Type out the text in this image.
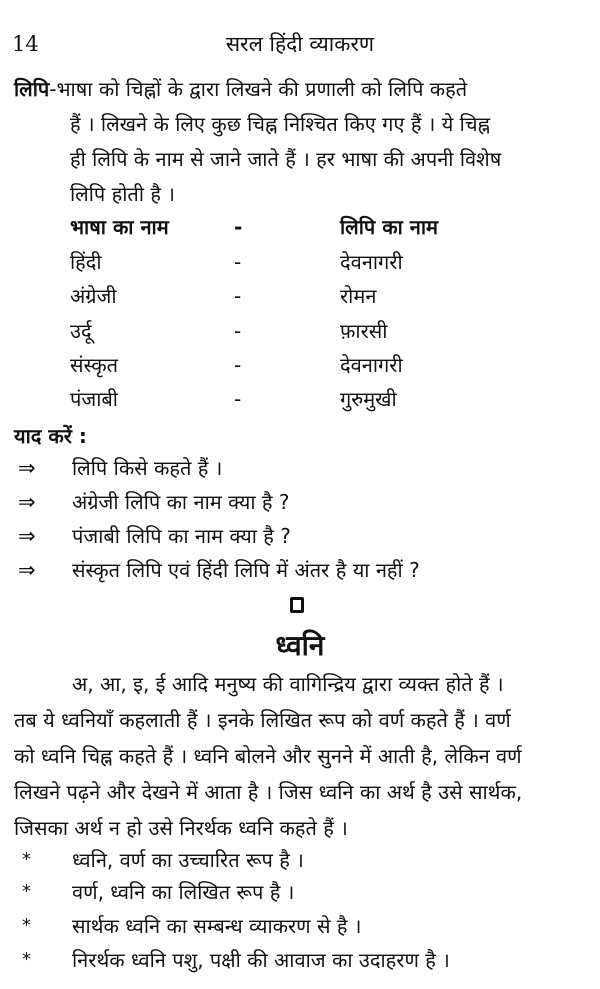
14	सरल हिंदी व्याकरण
लिपि-भाषा को चिह्नों के द्वारा लिखने की प्रणाली को लिपि कहते
हैं । लिखने के लिए कुछ चिह्न निश्चित किए गए हैं । ये चिह्न
ही लिपि के नाम से जाने जाते हैं । हर भाषा की अपनी विशेष
लिपि होती है ।
भाषा का नाम	-	लिपि का नाम
हिंदी	-	देवनागरी
अंग्रेजी	-	रोमन
उर्दू	-	फ़ारसी
संस्कृत	-	देवनागरी
पंजाबी	-	गुरुमुखी
याद करें :
⇒ लिपि किसे कहते हैं ।
⇒ अंग्रेजी लिपि का नाम क्या है ?
⇒ पंजाबी लिपि का नाम क्या है ?
⇒ संस्कृत लिपि एवं हिंदी लिपि में अंतर है या नहीं ?
ध्वनि
अ, आ, इ, ई आदि मनुष्य की वागिन्द्रिय द्वारा व्यक्त होते हैं ।
तब ये ध्वनियाँ कहलाती हैं । इनके लिखित रूप को वर्ण कहते हैं । वर्ण
को ध्वनि चिह्न कहते हैं । ध्वनि बोलने और सुनने में आती है, लेकिन वर्ण
लिखने पढ़ने और देखने में आता है । जिस ध्वनि का अर्थ है उसे सार्थक,
जिसका अर्थ न हो उसे निरर्थक ध्वनि कहते हैं ।
* ध्वनि, वर्ण का उच्चारित रूप है ।
* वर्ण, ध्वनि का लिखित रूप है ।
* सार्थक ध्वनि का सम्बन्ध व्याकरण से है ।
* निरर्थक ध्वनि पशु, पक्षी की आवाज का उदाहरण है ।
